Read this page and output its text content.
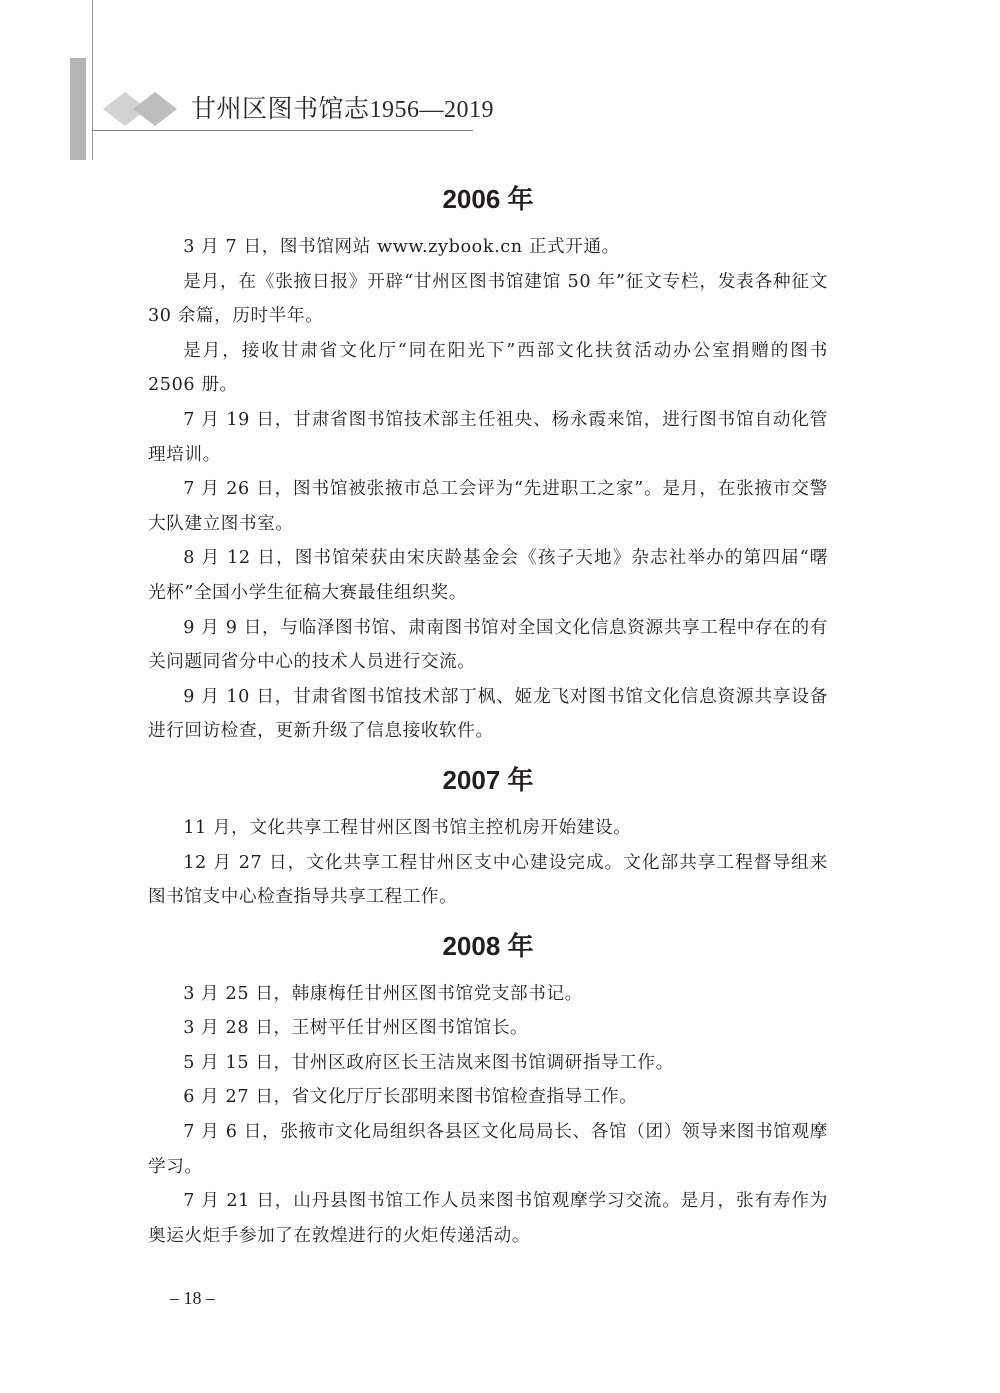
甘州区图书馆志1956—2019
2006 年

3 月 7 日，图书馆网站 www.zybook.cn 正式开通。

是月，在《张掖日报》开辟“甘州区图书馆建馆 50 年”征文专栏，发表各种征文 30 余篇，历时半年。

是月，接收甘肃省文化厅“同在阳光下”西部文化扶贫活动办公室捐赠的图书 2506 册。

7 月 19 日，甘肃省图书馆技术部主任祖央、杨永霞来馆，进行图书馆自动化管理培训。

7 月 26 日，图书馆被张掖市总工会评为“先进职工之家”。是月，在张掖市交警大队建立图书室。

8 月 12 日，图书馆荣获由宋庆龄基金会《孩子天地》杂志社举办的第四届“曙光杯”全国小学生征稿大赛最佳组织奖。

9 月 9 日，与临泽图书馆、肃南图书馆对全国文化信息资源共享工程中存在的有关问题同省分中心的技术人员进行交流。

9 月 10 日，甘肃省图书馆技术部丁枫、姬龙飞对图书馆文化信息资源共享设备进行回访检查，更新升级了信息接收软件。

2007 年

11 月，文化共享工程甘州区图书馆主控机房开始建设。

12 月 27 日，文化共享工程甘州区支中心建设完成。文化部共享工程督导组来图书馆支中心检查指导共享工程工作。

2008 年

3 月 25 日，韩康梅任甘州区图书馆党支部书记。

3 月 28 日，王树平任甘州区图书馆馆长。

5 月 15 日，甘州区政府区长王洁岚来图书馆调研指导工作。

6 月 27 日，省文化厅厅长邵明来图书馆检查指导工作。

7 月 6 日，张掖市文化局组织各县区文化局局长、各馆（团）领导来图书馆观摩学习。

7 月 21 日，山丹县图书馆工作人员来图书馆观摩学习交流。是月，张有寿作为奥运火炬手参加了在敦煌进行的火炬传递活动。

– 18 –
